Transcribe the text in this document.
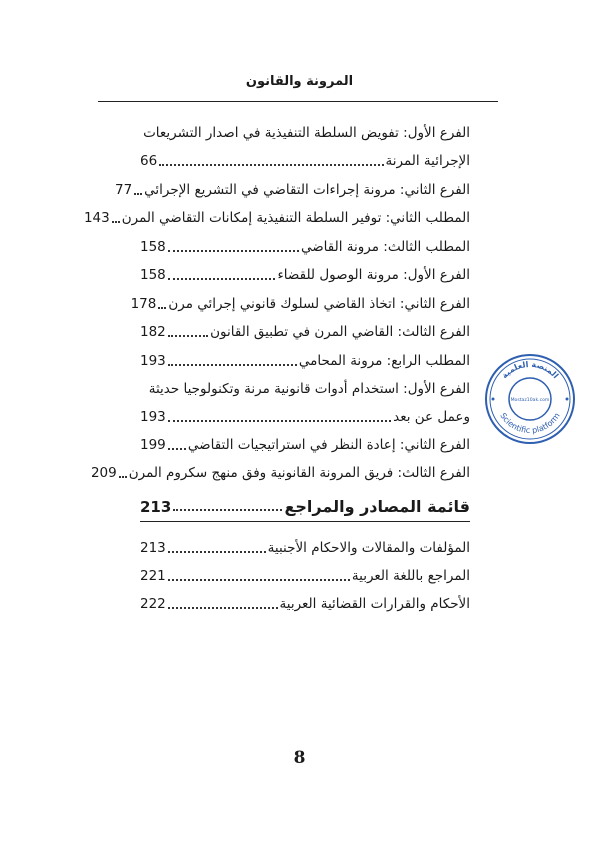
المرونة والقانون
الفرع الأول: تفويض السلطة التنفيذية في اصدار التشريعات
الإجرائية المرنة
66
الفرع الثاني: مرونة إجراءات التقاضي في التشريع الإجرائي
77
المطلب الثاني: توفير السلطة التنفيذية إمكانات التقاضي المرن
143
المطلب الثالث: مرونة القاضي
158
الفرع الأول: مرونة الوصول للقضاء
158
الفرع الثاني: اتخاذ القاضي لسلوك قانوني إجرائي مرن
178
الفرع الثالث: القاضي المرن في تطبيق القانون
182
المطلب الرابع: مرونة المحامي
193
الفرع الأول: استخدام أدوات قانونية مرنة وتكنولوجيا حديثة
وعمل عن بعد
193
الفرع الثاني: إعادة النظر في استراتيجيات التقاضي
199
الفرع الثالث: فريق المرونة القانونية وفق منهج سكروم المرن
209
قائمة المصادر والمراجع
213
المؤلفات والمقالات والاحكام الأجنبية
213
المراجع باللغة العربية
221
الأحكام والقرارات القضائية العربية
222
المنصة العلمية
Mostaz10ak.com
Scientific platform
8
